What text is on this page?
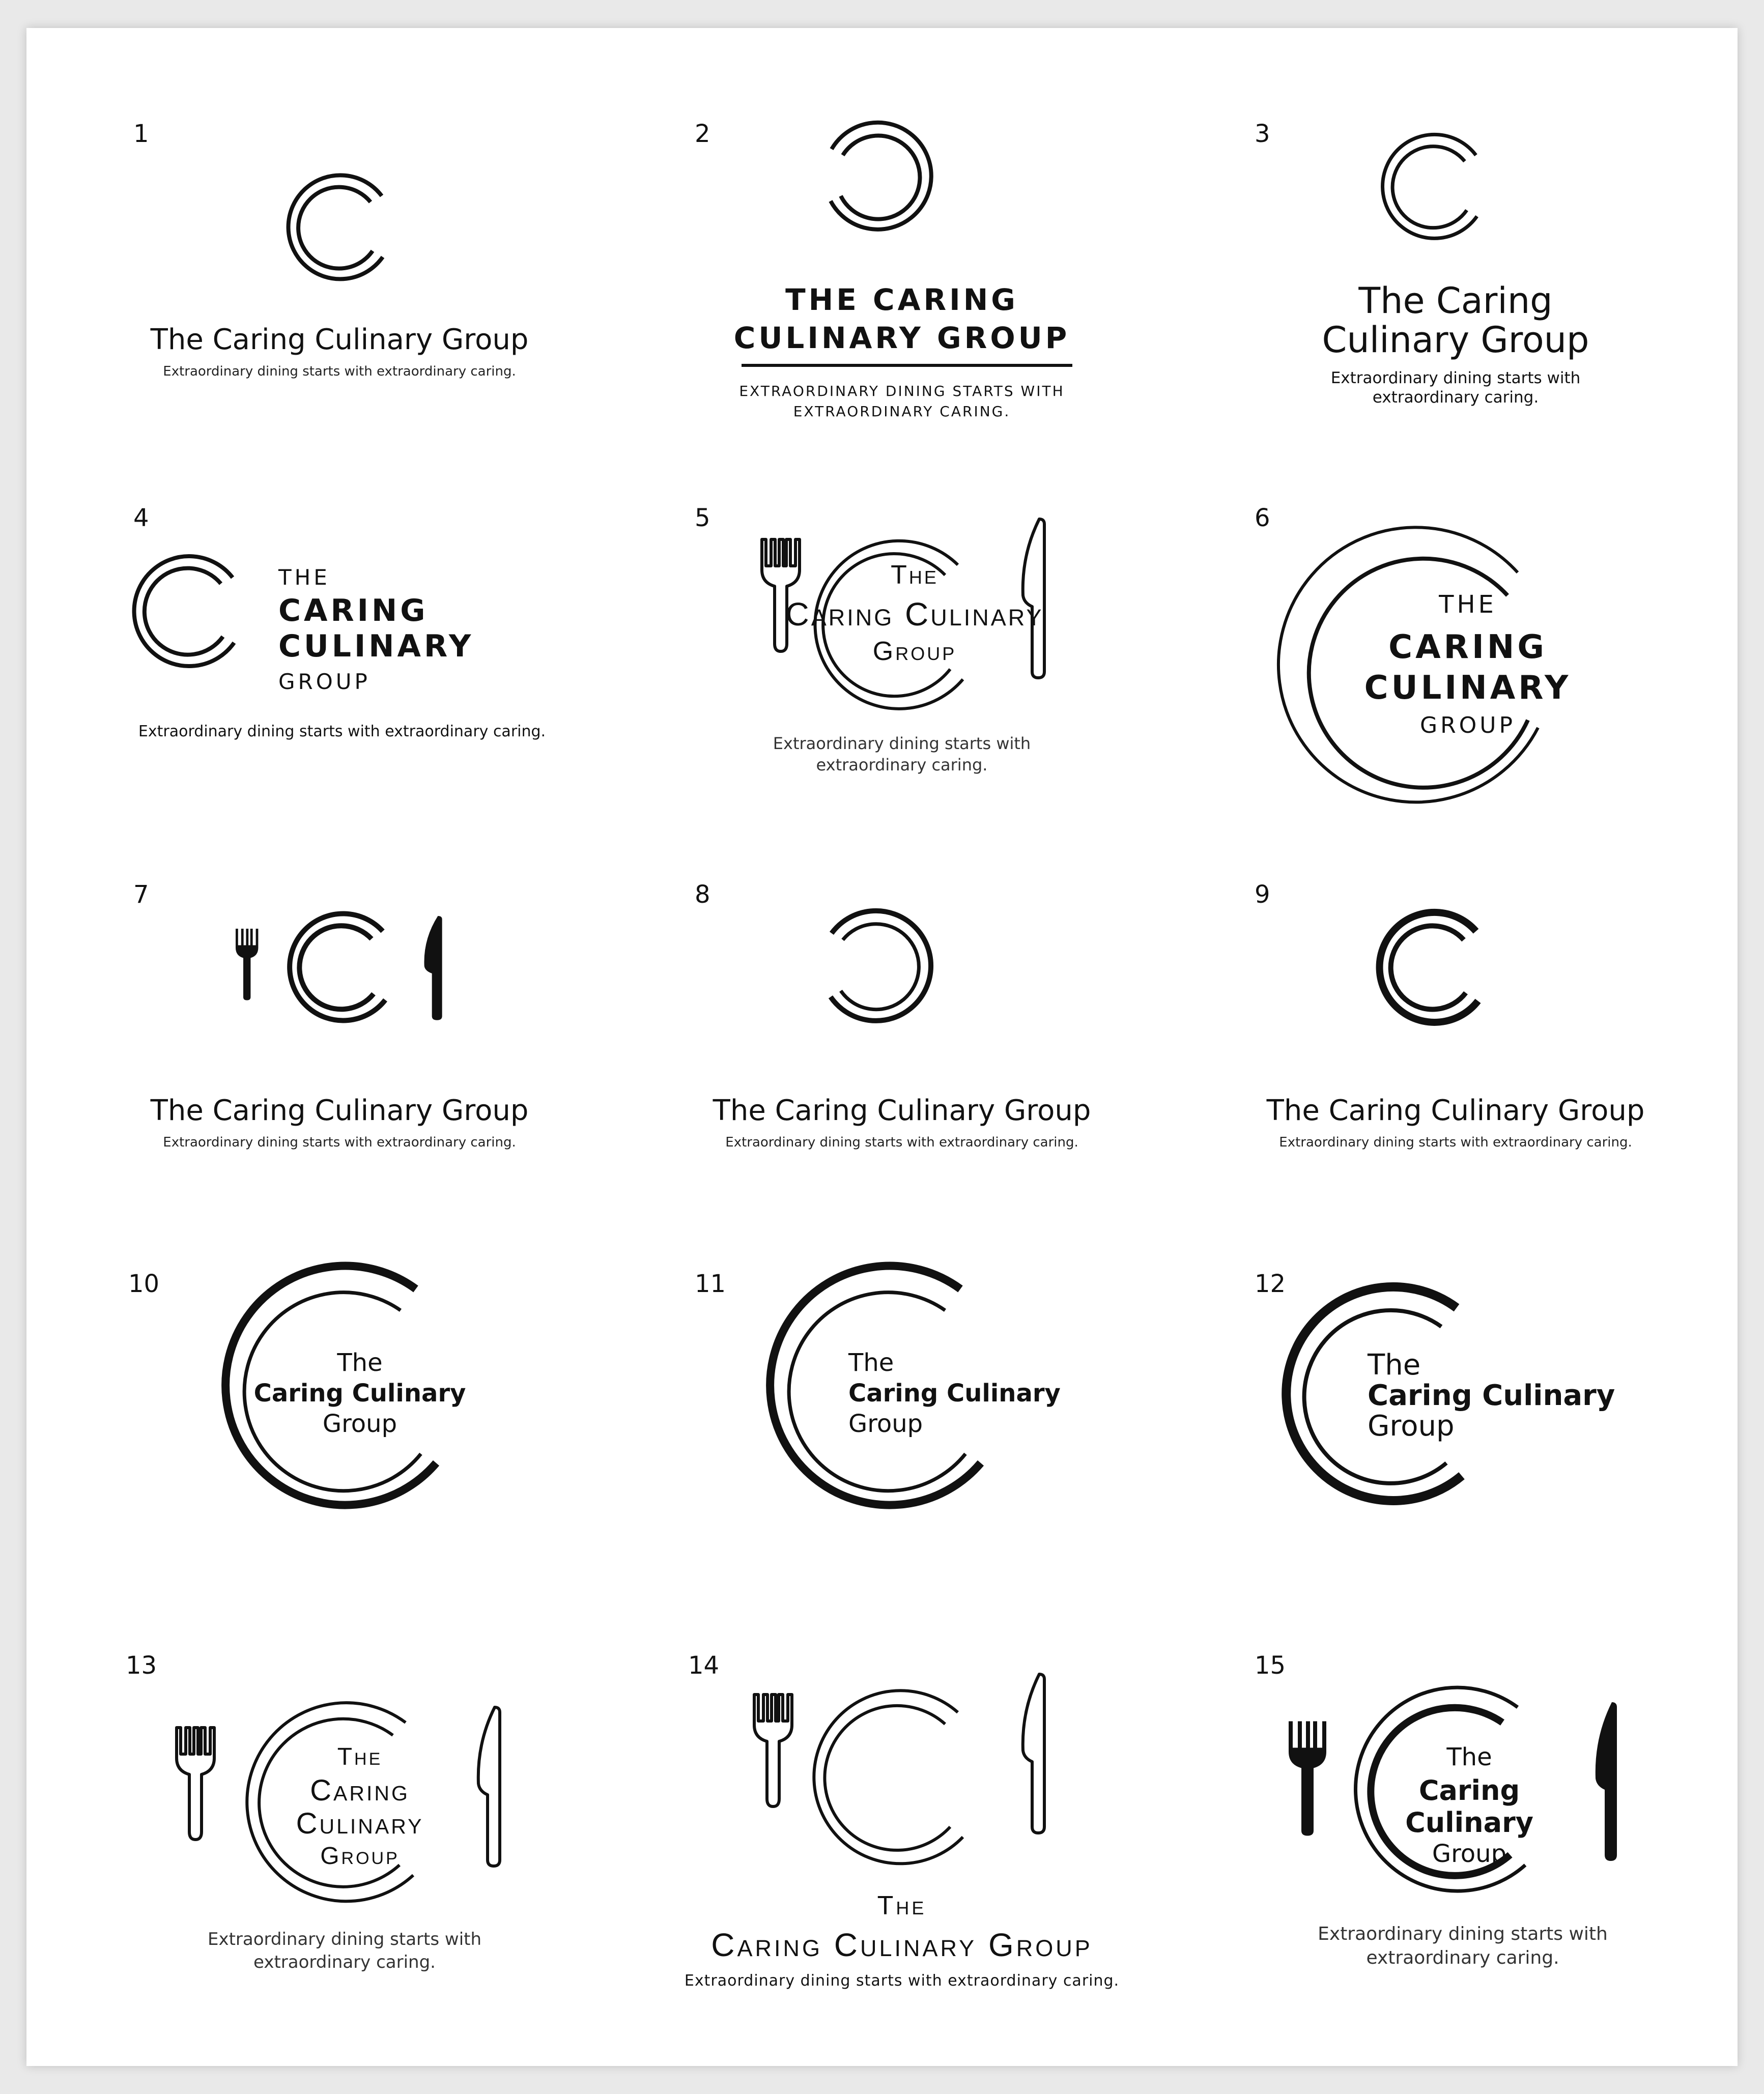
1
The Caring Culinary Group
Extraordinary dining starts with extraordinary caring.
2
THE CARING
CULINARY GROUP
EXTRAORDINARY DINING STARTS WITH
EXTRAORDINARY CARING.
3
The Caring
Culinary Group
Extraordinary dining starts with
extraordinary caring.
4
THE
CARING
CULINARY
GROUP
Extraordinary dining starts with extraordinary caring.
5
The
Caring Culinary
Group
Extraordinary dining starts with
extraordinary caring.
6
THE
CARING
CULINARY
GROUP
7
The Caring Culinary Group
Extraordinary dining starts with extraordinary caring.
8
The Caring Culinary Group
Extraordinary dining starts with extraordinary caring.
9
The Caring Culinary Group
Extraordinary dining starts with extraordinary caring.
10
The
Caring Culinary
Group
11
The
Caring Culinary
Group
12
The
Caring Culinary
Group
13
The
Caring
Culinary
Group
Extraordinary dining starts with
extraordinary caring.
14
The
Caring Culinary Group
Extraordinary dining starts with extraordinary caring.
15
The
Caring
Culinary
Group
Extraordinary dining starts with
extraordinary caring.
